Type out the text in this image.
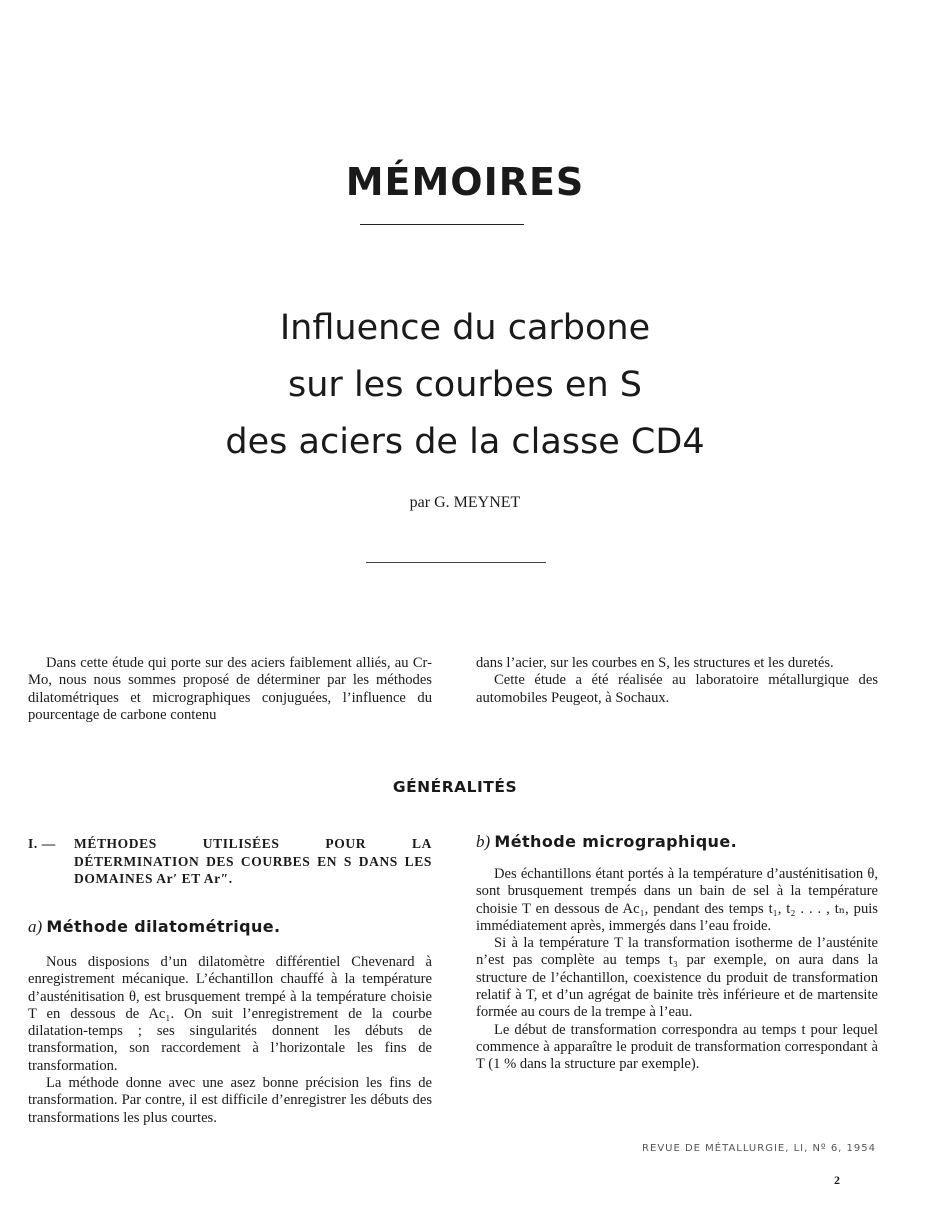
MÉMOIRES
Influence du carbone
sur les courbes en S
des aciers de la classe CD4
par G. MEYNET

Dans cette étude qui porte sur des aciers faiblement alliés, au Cr-Mo, nous nous sommes proposé de déterminer par les méthodes dilatométriques et micrographiques conjuguées, l’influence du pourcentage de carbone contenu

dans l’acier, sur les courbes en S, les structures et les duretés.

Cette étude a été réalisée au laboratoire métallurgique des automobiles Peugeot, à Sochaux.

GÉNÉRALITÉS
I. —	MÉTHODES UTILISÉES POUR LA DÉTERMINATION DES COURBES EN S DANS LES DOMAINES Ar′ ET Ar″.
a) Méthode dilatométrique.

Nous disposions d’un dilatomètre différentiel Chevenard à enregistrement mécanique. L’échantillon chauffé à la température d’austénitisation θ, est brusquement trempé à la température choisie T en dessous de Ac₁. On suit l’enregistrement de la courbe dilatation-temps ; ses singularités donnent les débuts de transformation, son raccordement à l’horizontale les fins de transformation.

La méthode donne avec une asez bonne précision les fins de transformation. Par contre, il est difficile d’enregistrer les débuts des transformations les plus courtes.

b) Méthode micrographique.

Des échantillons étant portés à la température d’austénitisation θ, sont brusquement trempés dans un bain de sel à la température choisie T en dessous de Ac₁, pendant des temps t₁, t₂ . . . , tₙ, puis immédiatement après, immergés dans l’eau froide.

Si à la température T la transformation isotherme de l’austénite n’est pas complète au temps t₃ par exemple, on aura dans la structure de l’échantillon, coexistence du produit de transformation relatif à T, et d’un agrégat de bainite très inférieure et de martensite formée au cours de la trempe à l’eau.

Le début de transformation correspondra au temps t pour lequel commence à apparaître le produit de transformation correspondant à T (1 % dans la structure par exemple).

REVUE DE MÉTALLURGIE, LI, Nº 6, 1954
2
